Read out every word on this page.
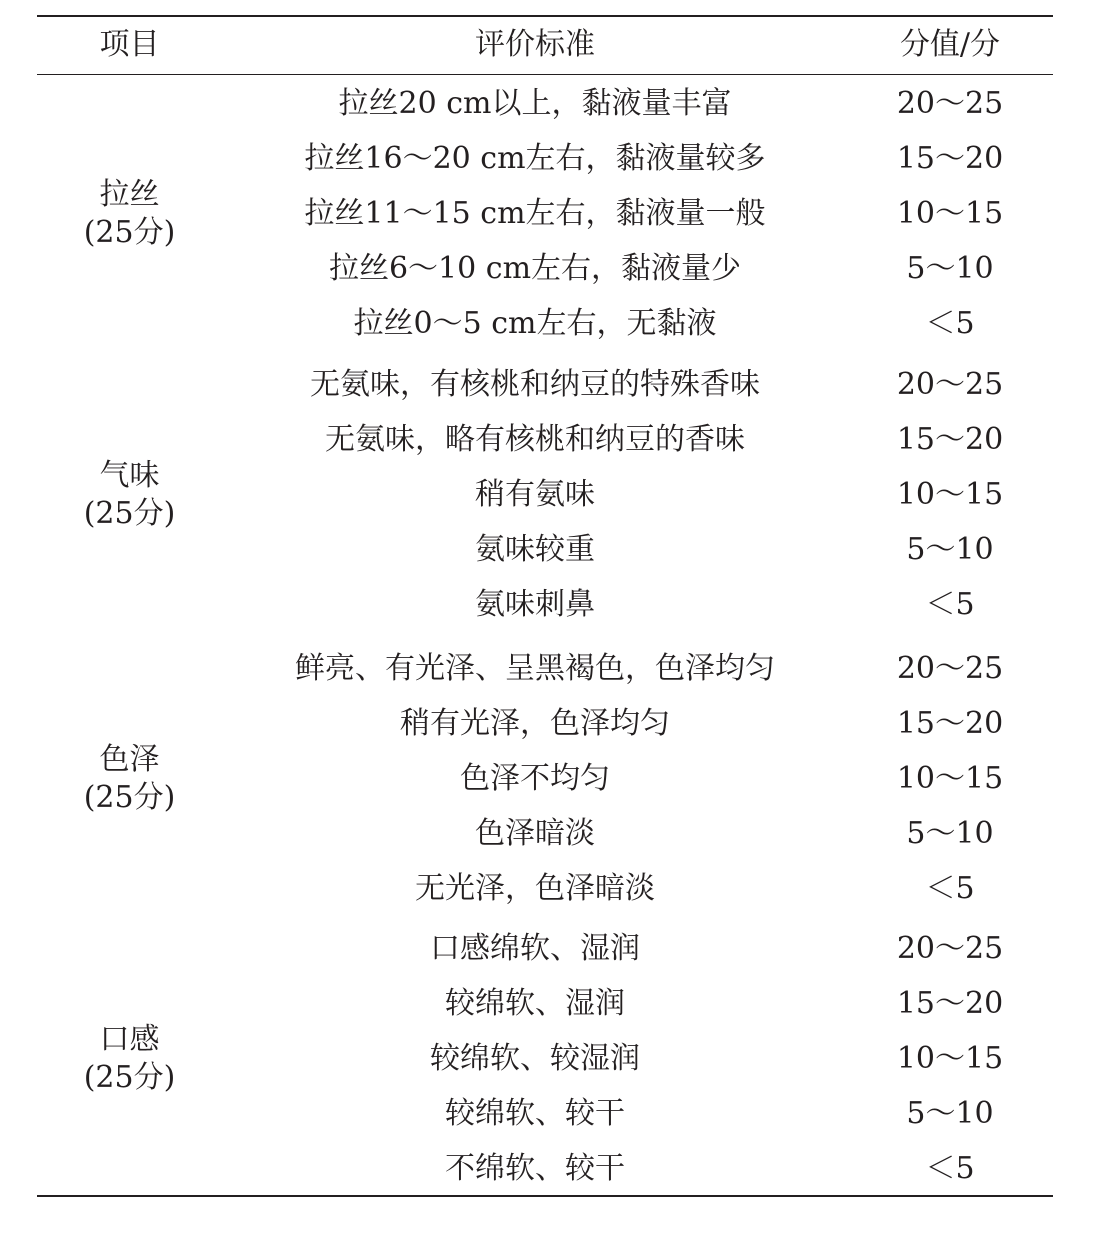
项目	评价标准	分值/分
拉丝
(25分)
拉丝20 cm以上，黏液量丰富	20～25
拉丝16～20 cm左右，黏液量较多	15～20
拉丝11～15 cm左右，黏液量一般	10～15
拉丝6～10 cm左右，黏液量少	5～10
拉丝0～5 cm左右，无黏液	＜5
气味
(25分)
无氨味，有核桃和纳豆的特殊香味	20～25
无氨味，略有核桃和纳豆的香味	15～20
稍有氨味	10～15
氨味较重	5～10
氨味刺鼻	＜5
色泽
(25分)
鲜亮、有光泽、呈黑褐色，色泽均匀	20～25
稍有光泽，色泽均匀	15～20
色泽不均匀	10～15
色泽暗淡	5～10
无光泽，色泽暗淡	＜5
口感
(25分)
口感绵软、湿润	20～25
较绵软、湿润	15～20
较绵软、较湿润	10～15
较绵软、较干	5～10
不绵软、较干	＜5
